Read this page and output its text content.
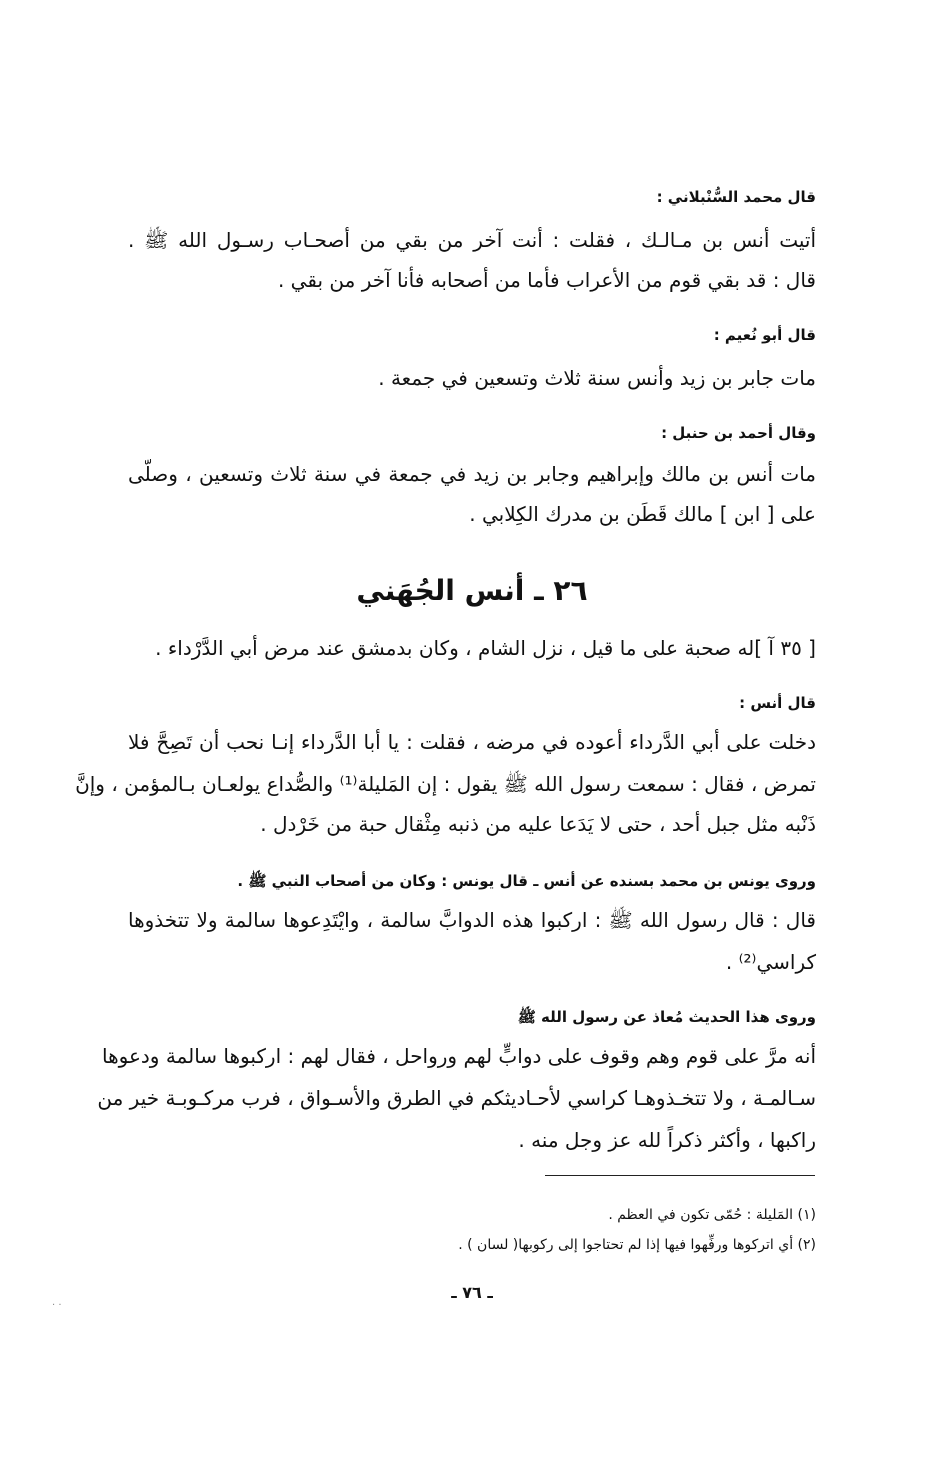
قال محمد السُّنْبلاني :
أتيت أنس بن مـالـك ، فقلت : أنت آخر من بقي من أصحـاب رسـول الله ﷺ .
قال : قد بقي قوم من الأعراب فأما من أصحابه فأنا آخر من بقي .
قال أبو نُعيم :
مات جابر بن زيد وأنس سنة ثلاث وتسعين في جمعة .
وقال أحمد بن حنبل :
مات أنس بن مالك وإبراهيم وجابر بن زيد في جمعة في سنة ثلاث وتسعين ، وصلّى
على [ ابن ] مالك قَطَن بن مدرك الكِلابي .
٢٦ ـ أنس الجُهَني
[ ٣٥ آ ]له صحبة على ما قيل ، نزل الشام ، وكان بدمشق عند مرض أبي الدَّرْداء .
قال أنس :
دخلت على أبي الدَّرداء أعوده في مرضه ، فقلت : يا أبا الدَّرداء إنـا نحب أن تَصِحَّ فلا
تمرض ، فقال : سمعت رسول الله ﷺ يقول : إن المَليلة⁽¹⁾ والصُّداع يولعـان بـالمؤمن ، وإنَّ
ذَنْبه مثل جبل أحد ، حتى لا يَدَعا عليه من ذنبه مِثْقال حبة من خَرْدل .
وروى يونس بن محمد بسنده عن أنس ـ قال يونس : وكان من أصحاب النبي ﷺ .
قال : قال رسول الله ﷺ : اركبوا هذه الدوابَّ سالمة ، وايْتَدِعوها سالمة ولا تتخذوها
كراسي⁽²⁾ .
وروى هذا الحديث مُعاذ عن رسول الله ﷺ
أنه مرَّ على قوم وهم وقوف على دوابٍّ لهم ورواحل ، فقال لهم : اركبوها سالمة ودعوها
سـالمـة ، ولا تتخـذوهـا كراسي لأحـاديثكم في الطرق والأسـواق ، فرب مركـوبـة خير من
راكبها ، وأكثر ذكراً لله عز وجل منه .
(١) المَليلة : حُمّى تكون في العظم .
(٢) أي اتركوها ورفِّهوا فيها إذا لم تحتاجوا إلى ركوبها( لسان ) .
ـ ٧٦ ـ
· ·
